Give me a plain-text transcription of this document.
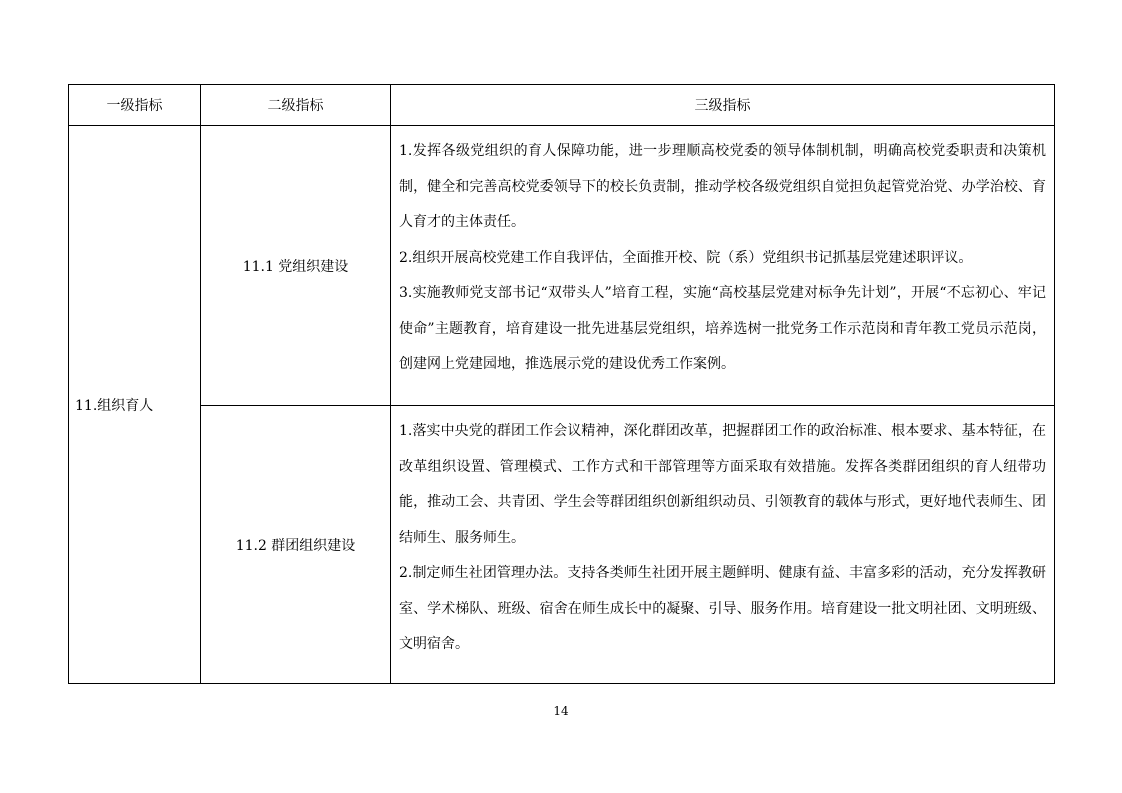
一级指标	二级指标	三级指标
11.组织育人	11.1 党组织建设	1.发挥各级党组织的育人保障功能，进一步理顺高校党委的领导体制机制，明确高校党委职责和决策机制，健全和完善高校党委领导下的校长负责制，推动学校各级党组织自觉担负起管党治党、办学治校、育人育才的主体责任。

2.组织开展高校党建工作自我评估，全面推开校、院（系）党组织书记抓基层党建述职评议。

3.实施教师党支部书记“双带头人”培育工程，实施“高校基层党建对标争先计划”，开展“不忘初心、牢记使命”主题教育，培育建设一批先进基层党组织，培养选树一批党务工作示范岗和青年教工党员示范岗，创建网上党建园地，推选展示党的建设优秀工作案例。

	11.2 群团组织建设	1.落实中央党的群团工作会议精神，深化群团改革，把握群团工作的政治标准、根本要求、基本特征，在改革组织设置、管理模式、工作方式和干部管理等方面采取有效措施。发挥各类群团组织的育人纽带功能，推动工会、共青团、学生会等群团组织创新组织动员、引领教育的载体与形式，更好地代表师生、团结师生、服务师生。

2.制定师生社团管理办法。支持各类师生社团开展主题鲜明、健康有益、丰富多彩的活动，充分发挥教研室、学术梯队、班级、宿舍在师生成长中的凝聚、引导、服务作用。培育建设一批文明社团、文明班级、文明宿舍。

14
